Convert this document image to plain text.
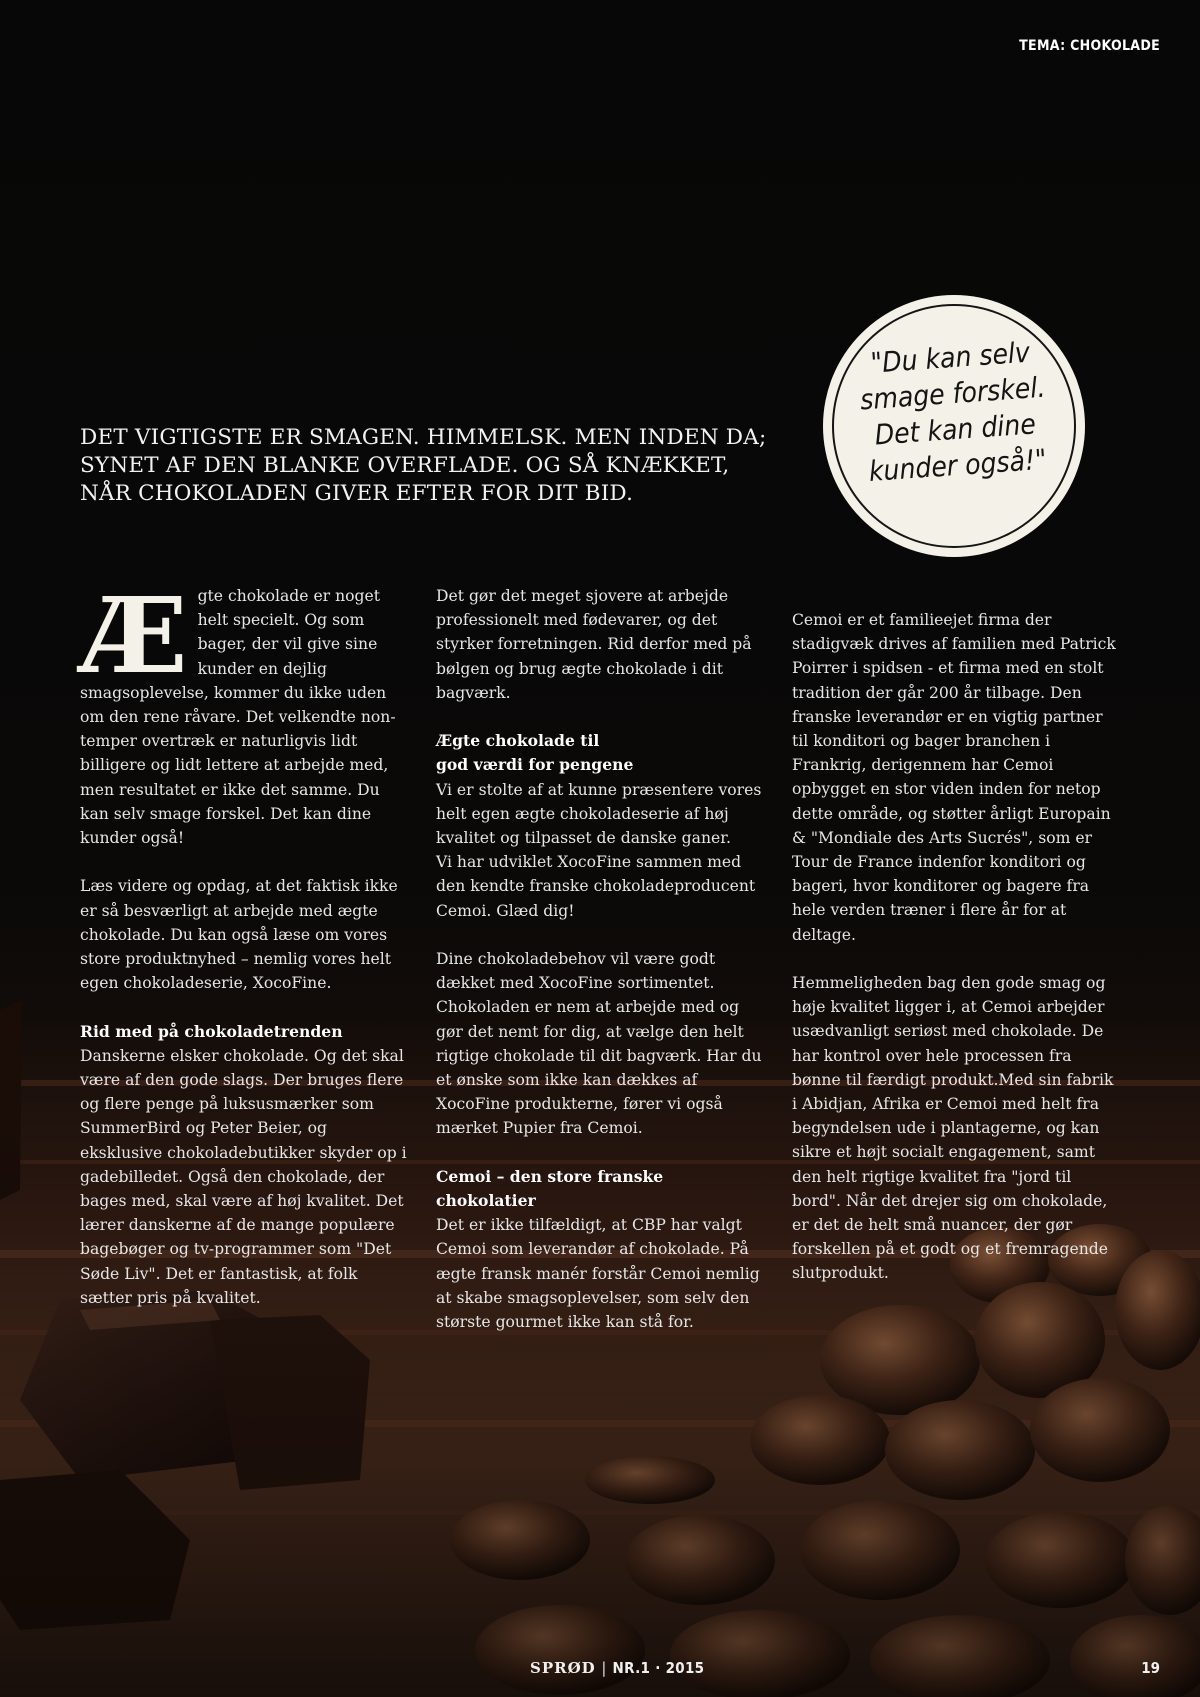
TEMA: CHOKOLADE

DET VIGTIGSTE ER SMAGEN. HIMMELSK. MEN INDEN DA; SYNET AF DEN BLANKE OVERFLADE. OG SÅ KNÆKKET, NÅR CHOKOLADEN GIVER EFTER FOR DIT BID.

"Du kan selv
smage forskel.
Det kan dine
kunder også!"

Ægte chokolade er noget helt specielt. Og som bager, der vil give sine kunder en dejlig smagsoplevelse, kommer du ikke uden om den rene råvare. Det velkendte non-temper overtræk er naturligvis lidt billigere og lidt lettere at arbejde med, men resultatet er ikke det samme. Du kan selv smage forskel. Det kan dine kunder også!

Læs videre og opdag, at det faktisk ikke er så besværligt at arbejde med ægte chokolade. Du kan også læse om vores store produktnyhed – nemlig vores helt egen chokoladeserie, XocoFine.

Rid med på chokoladetrenden

Danskerne elsker chokolade. Og det skal være af den gode slags. Der bruges flere og flere penge på luksusmærker som SummerBird og Peter Beier, og eksklusive chokoladebutikker skyder op i gadebilledet. Også den chokolade, der bages med, skal være af høj kvalitet. Det lærer danskerne af de mange populære bagebøger og tv-programmer som "Det Søde Liv". Det er fantastisk, at folk sætter pris på kvalitet.

Det gør det meget sjovere at arbejde professionelt med fødevarer, og det styrker forretningen. Rid derfor med på bølgen og brug ægte chokolade i dit bagværk.

Ægte chokolade til
god værdi for pengene
Vi er stolte af at kunne præsentere vores helt egen ægte chokoladeserie af høj kvalitet og tilpasset de danske ganer.

Vi har udviklet XocoFine sammen med den kendte franske chokoladeproducent Cemoi. Glæd dig!

Dine chokoladebehov vil være godt dækket med XocoFine sortimentet. Chokoladen er nem at arbejde med og gør det nemt for dig, at vælge den helt rigtige chokolade til dit bagværk. Har du et ønske som ikke kan dækkes af XocoFine produkterne, fører vi også mærket Pupier fra Cemoi.

Cemoi – den store franske chokolatier

Det er ikke tilfældigt, at CBP har valgt Cemoi som leverandør af chokolade. På ægte fransk manér forstår Cemoi nemlig at skabe smagsoplevelser, som selv den største gourmet ikke kan stå for.

Cemoi er et familieejet firma der stadigvæk drives af familien med Patrick Poirrer i spidsen - et firma med en stolt tradition der går 200 år tilbage. Den franske leverandør er en vigtig partner til konditori og bager branchen i Frankrig, derigennem har Cemoi opbygget en stor viden inden for netop dette område, og støtter årligt Europain & "Mondiale des Arts Sucrés", som er Tour de France indenfor konditori og bageri, hvor konditorer og bagere fra hele verden træner i flere år for at deltage.

Hemmeligheden bag den gode smag og høje kvalitet ligger i, at Cemoi arbejder usædvanligt seriøst med chokolade. De har kontrol over hele processen fra bønne til færdigt produkt.Med sin fabrik i Abidjan, Afrika er Cemoi med helt fra begyndelsen ude i plantagerne, og kan sikre et højt socialt engagement, samt den helt rigtige kvalitet fra "jord til bord". Når det drejer sig om chokolade, er det de helt små nuancer, der gør forskellen på et godt og et fremragende slutprodukt.

SPRØD | NR.1 · 2015	19
